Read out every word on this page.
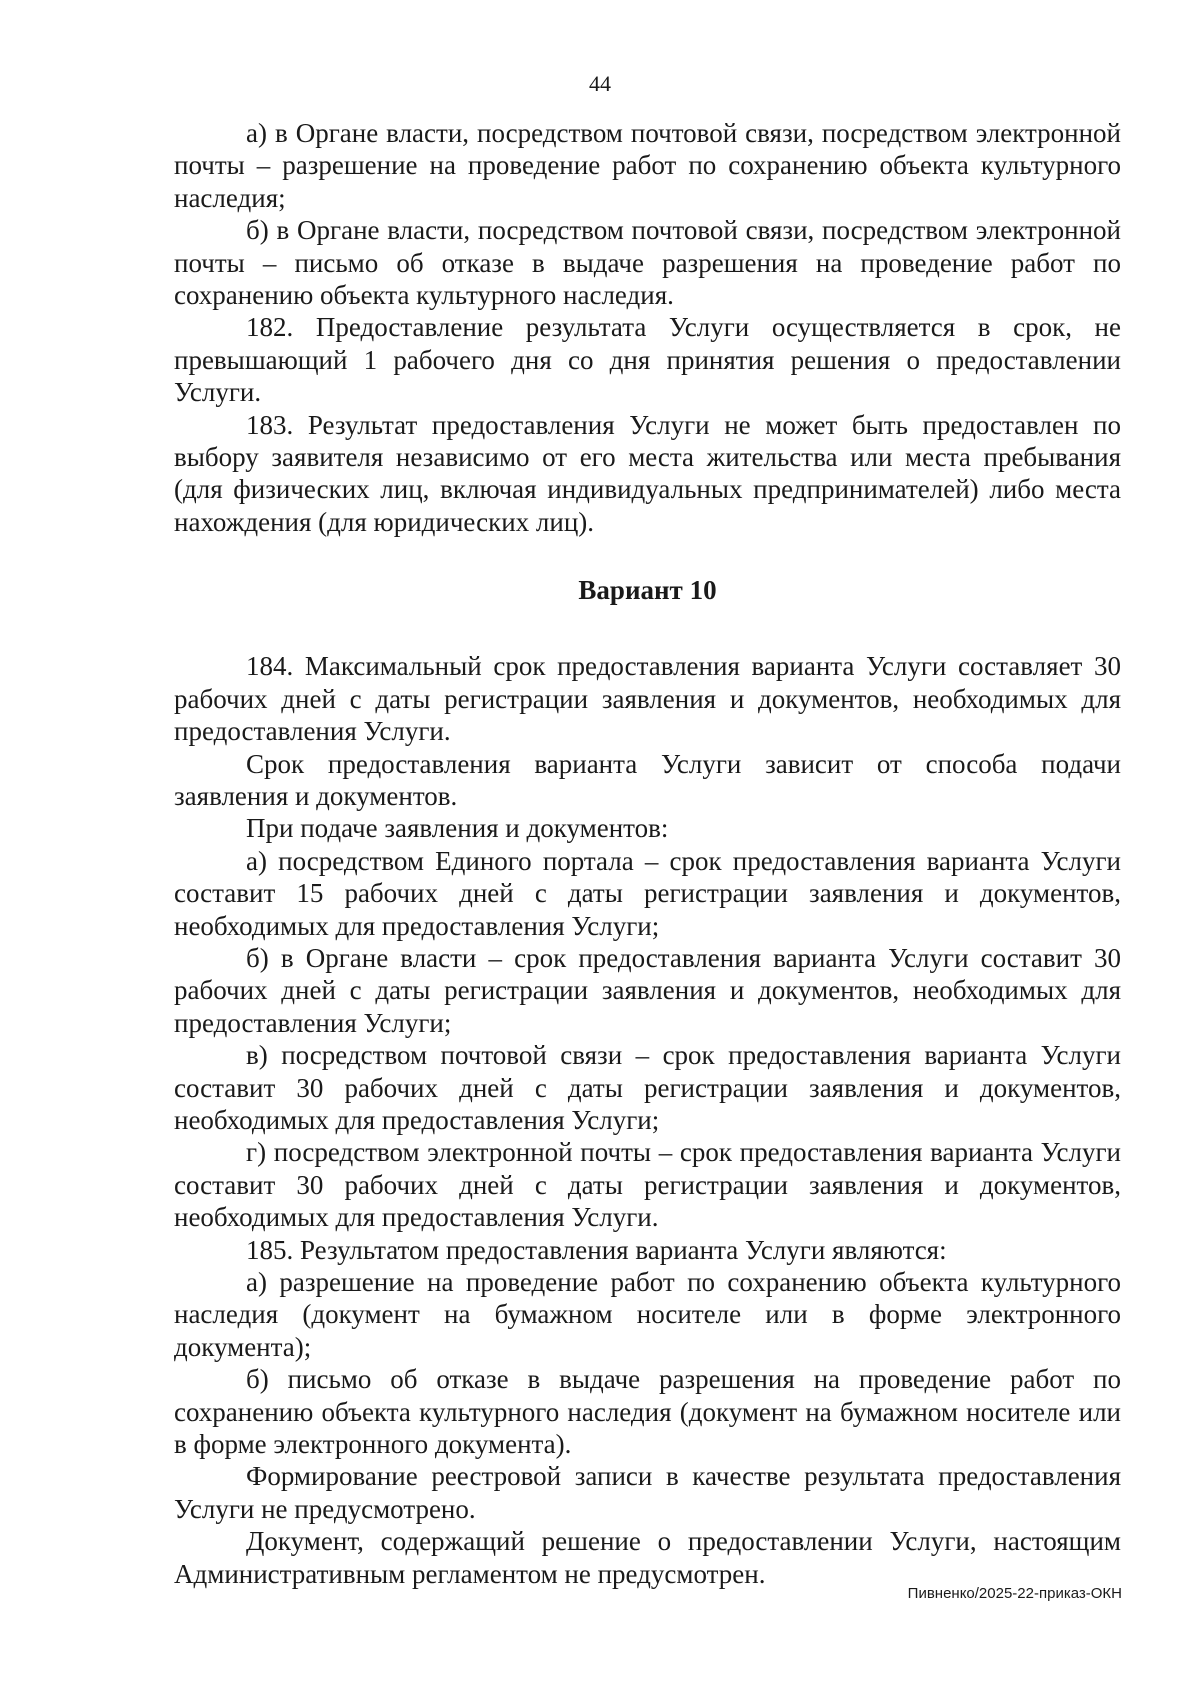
44

а) в Органе власти, посредством почтовой связи, посредством электронной почты – разрешение на проведение работ по сохранению объекта культурного наследия;

б) в Органе власти, посредством почтовой связи, посредством электронной почты – письмо об отказе в выдаче разрешения на проведение работ по сохранению объекта культурного наследия.

182. Предоставление результата Услуги осуществляется в срок, не превышающий 1 рабочего дня со дня принятия решения о предоставлении Услуги.

183. Результат предоставления Услуги не может быть предоставлен по выбору заявителя независимо от его места жительства или места пребывания (для физических лиц, включая индивидуальных предпринимателей) либо места нахождения (для юридических лиц).

Вариант 10

184. Максимальный срок предоставления варианта Услуги составляет 30 рабочих дней с даты регистрации заявления и документов, необходимых для предоставления Услуги.

Срок предоставления варианта Услуги зависит от способа подачи заявления и документов.

При подаче заявления и документов:

а) посредством Единого портала – срок предоставления варианта Услуги составит 15 рабочих дней с даты регистрации заявления и документов, необходимых для предоставления Услуги;

б) в Органе власти – срок предоставления варианта Услуги составит 30 рабочих дней с даты регистрации заявления и документов, необходимых для предоставления Услуги;

в) посредством почтовой связи – срок предоставления варианта Услуги составит 30 рабочих дней с даты регистрации заявления и документов, необходимых для предоставления Услуги;

г) посредством электронной почты – срок предоставления варианта Услуги составит 30 рабочих дней с даты регистрации заявления и документов, необходимых для предоставления Услуги.

185. Результатом предоставления варианта Услуги являются:

а) разрешение на проведение работ по сохранению объекта культурного наследия (документ на бумажном носителе или в форме электронного документа);

б) письмо об отказе в выдаче разрешения на проведение работ по сохранению объекта культурного наследия (документ на бумажном носителе или в форме электронного документа).

Формирование реестровой записи в качестве результата предоставления Услуги не предусмотрено.

Документ, содержащий решение о предоставлении Услуги, настоящим Административным регламентом не предусмотрен.

Пивненко/2025-22-приказ-ОКН
